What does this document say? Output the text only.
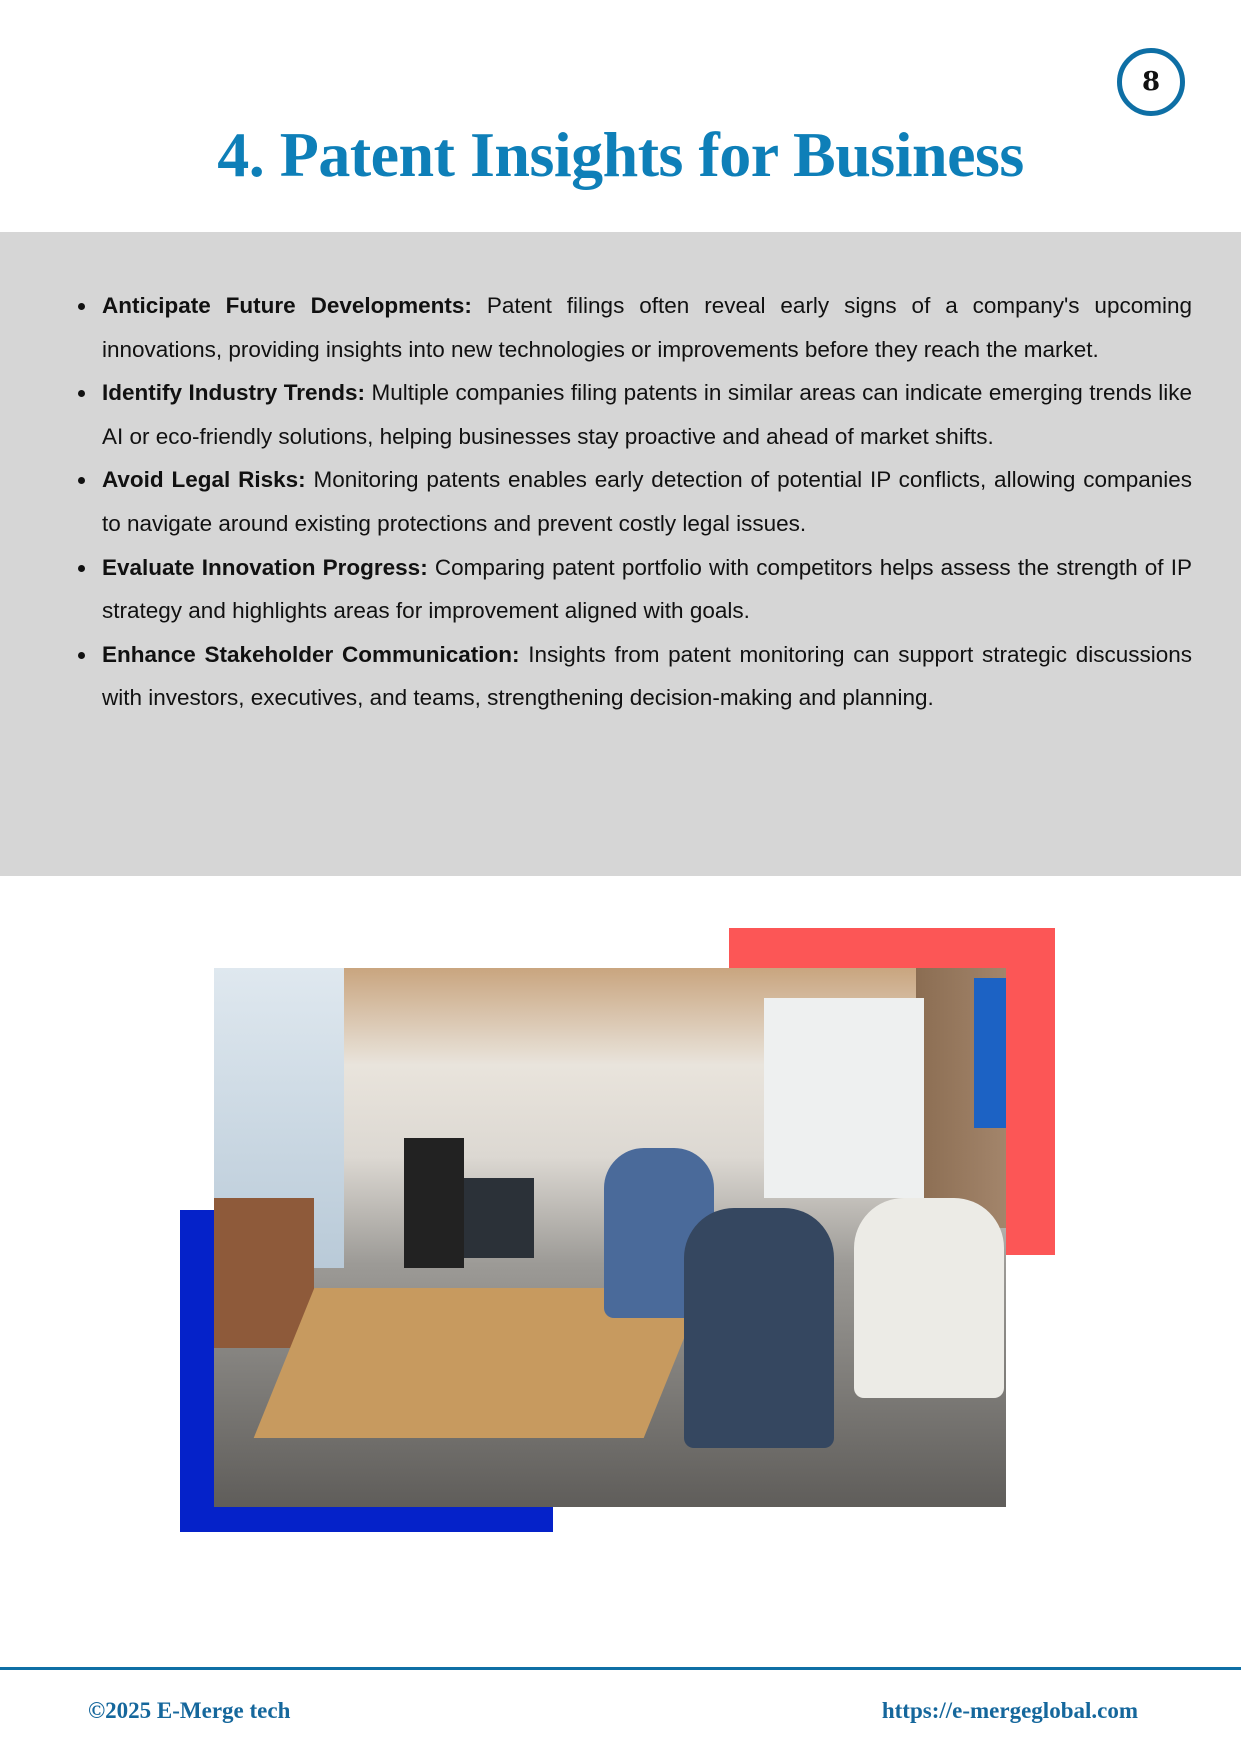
8
4. Patent Insights for Business
Anticipate Future Developments: Patent filings often reveal early signs of a company's upcoming innovations, providing insights into new technologies or improvements before they reach the market.
Identify Industry Trends: Multiple companies filing patents in similar areas can indicate emerging trends like AI or eco-friendly solutions, helping businesses stay proactive and ahead of market shifts.
Avoid Legal Risks: Monitoring patents enables early detection of potential IP conflicts, allowing companies to navigate around existing protections and prevent costly legal issues.
Evaluate Innovation Progress: Comparing patent portfolio with competitors helps assess the strength of IP strategy and highlights areas for improvement aligned with goals.
Enhance Stakeholder Communication: Insights from patent monitoring can support strategic discussions with investors, executives, and teams, strengthening decision-making and planning.
©2025 E-Merge tech	https://e-mergeglobal.com
